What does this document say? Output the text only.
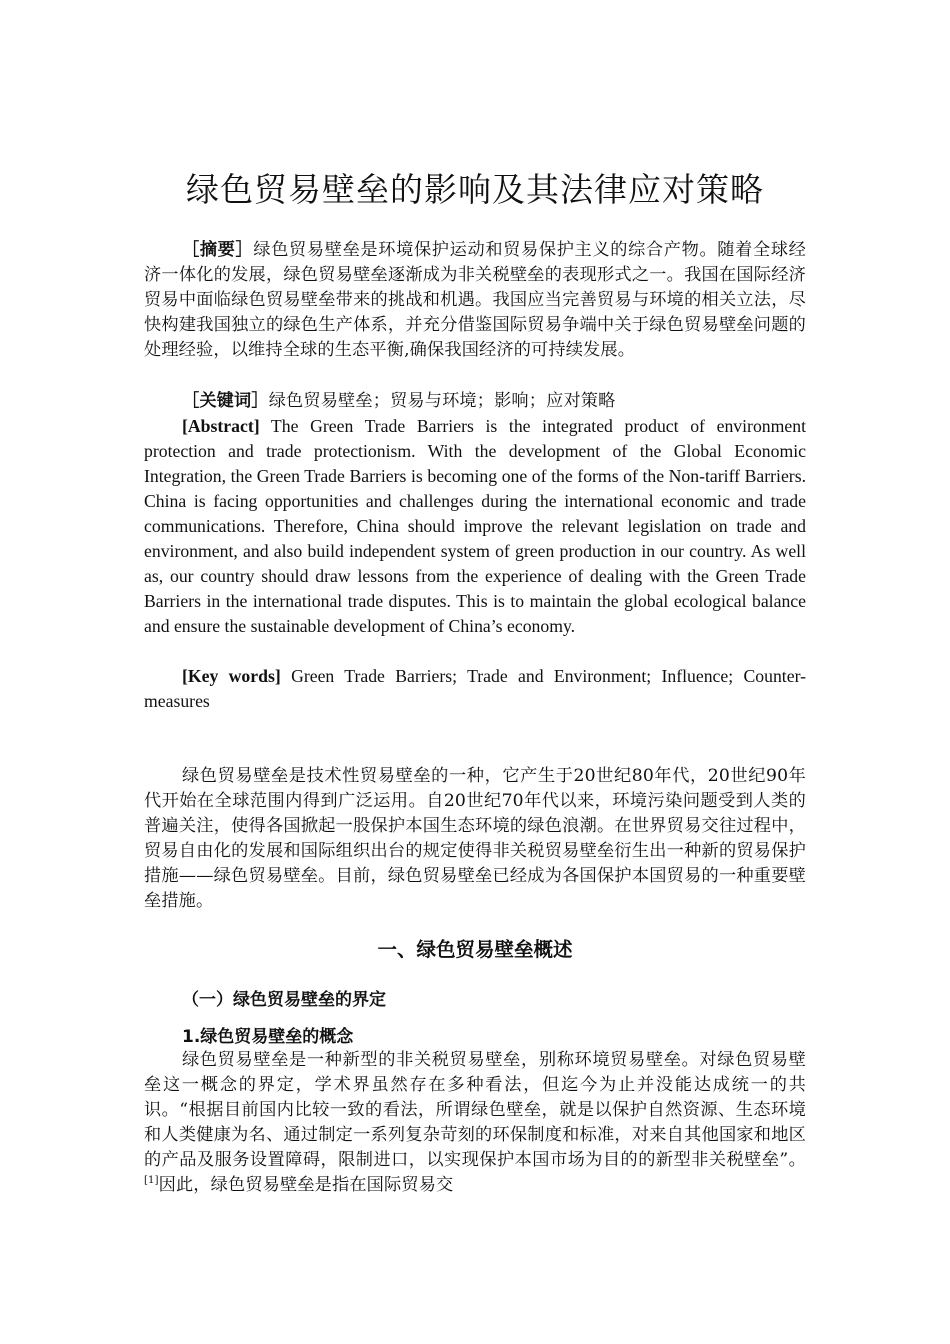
绿色贸易壁垒的影响及其法律应对策略

［摘要］绿色贸易壁垒是环境保护运动和贸易保护主义的综合产物。随着全球经济一体化的发展，绿色贸易壁垒逐渐成为非关税壁垒的表现形式之一。我国在国际经济贸易中面临绿色贸易壁垒带来的挑战和机遇。我国应当完善贸易与环境的相关立法，尽快构建我国独立的绿色生产体系，并充分借鉴国际贸易争端中关于绿色贸易壁垒问题的处理经验，以维持全球的生态平衡,确保我国经济的可持续发展。

［关键词］绿色贸易壁垒；贸易与环境；影响；应对策略

[Abstract] The Green Trade Barriers is the integrated product of environment protection and trade protectionism. With the development of the Global Economic Integration, the Green Trade Barriers is becoming one of the forms of the Non-tariff Barriers. China is facing opportunities and challenges during the international economic and trade communications. Therefore, China should improve the relevant legislation on trade and environment, and also build independent system of green production in our country. As well as, our country should draw lessons from the experience of dealing with the Green Trade Barriers in the international trade disputes. This is to maintain the global ecological balance and ensure the sustainable development of China’s economy.

[Key words] Green Trade Barriers; Trade and Environment; Influence; Counter-measures

绿色贸易壁垒是技术性贸易壁垒的一种，它产生于20世纪80年代，20世纪90年代开始在全球范围内得到广泛运用。自20世纪70年代以来，环境污染问题受到人类的普遍关注，使得各国掀起一股保护本国生态环境的绿色浪潮。在世界贸易交往过程中，贸易自由化的发展和国际组织出台的规定使得非关税贸易壁垒衍生出一种新的贸易保护措施——绿色贸易壁垒。目前，绿色贸易壁垒已经成为各国保护本国贸易的一种重要壁垒措施。

一、绿色贸易壁垒概述
（一）绿色贸易壁垒的界定
1.绿色贸易壁垒的概念

绿色贸易壁垒是一种新型的非关税贸易壁垒，别称环境贸易壁垒。对绿色贸易壁垒这一概念的界定，学术界虽然存在多种看法，但迄今为止并没能达成统一的共识。“根据目前国内比较一致的看法，所谓绿色壁垒，就是以保护自然资源、生态环境和人类健康为名、通过制定一系列复杂苛刻的环保制度和标准，对来自其他国家和地区的产品及服务设置障碍，限制进口，以实现保护本国市场为目的的新型非关税壁垒”。[1]因此，绿色贸易壁垒是指在国际贸易交
